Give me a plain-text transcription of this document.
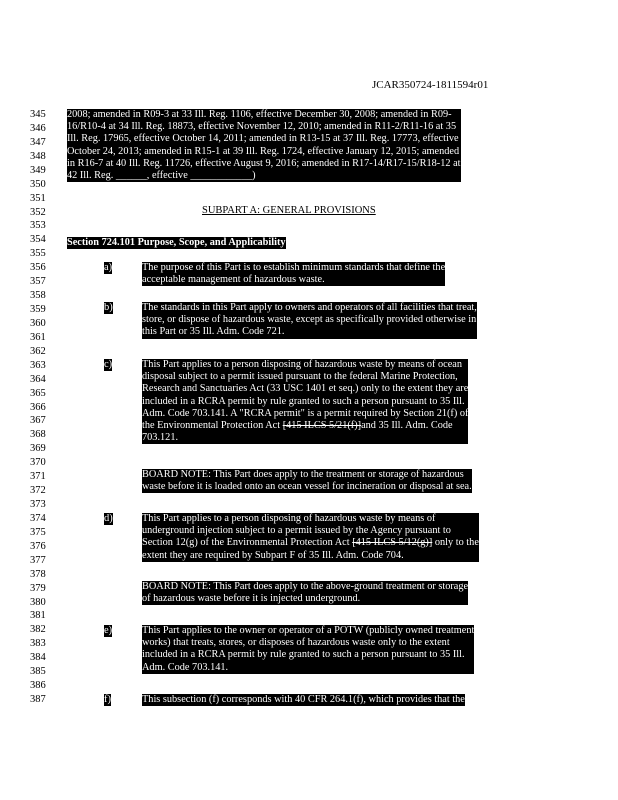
JCAR350724-1811594r01
345
346
347
348
349
350
351
352
353
354
355
356
357
358
359
360
361
362
363
364
365
366
367
368
369
370
371
372
373
374
375
376
377
378
379
380
381
382
383
384
385
386
387
2008; amended in R09-3 at 33 Ill. Reg. 1106, effective December 30, 2008; amended in R09-
16/R10-4 at 34 Ill. Reg. 18873, effective November 12, 2010; amended in R11-2/R11-16 at 35
Ill. Reg. 17965, effective October 14, 2011; amended in R13-15 at 37 Ill. Reg. 17773, effective
October 24, 2013; amended in R15-1 at 39 Ill. Reg. 1724, effective January 12, 2015; amended
in R16-7 at 40 Ill. Reg. 11726, effective August 9, 2016; amended in R17-14/R17-15/R18-12 at
42 Ill. Reg. ______, effective ____________)
SUBPART A: GENERAL PROVISIONS
Section 724.101 Purpose, Scope, and Applicability
a)	The purpose of this Part is to establish minimum standards that define the
acceptable management of hazardous waste.
b)	The standards in this Part apply to owners and operators of all facilities that treat,
store, or dispose of hazardous waste, except as specifically provided otherwise in
this Part or 35 Ill. Adm. Code 721.
c)	This Part applies to a person disposing of hazardous waste by means of ocean
disposal subject to a permit issued pursuant to the federal Marine Protection,
Research and Sanctuaries Act (33 USC 1401 et seq.) only to the extent they are
included in a RCRA permit by rule granted to such a person pursuant to 35 Ill.
Adm. Code 703.141. A "RCRA permit" is a permit required by Section 21(f) of
the Environmental Protection Act [415 ILCS 5/21(f)]and 35 Ill. Adm. Code
703.121.
BOARD NOTE: This Part does apply to the treatment or storage of hazardous
waste before it is loaded onto an ocean vessel for incineration or disposal at sea.
d)	This Part applies to a person disposing of hazardous waste by means of
underground injection subject to a permit issued by the Agency pursuant to
Section 12(g) of the Environmental Protection Act [415 ILCS 5/12(g)] only to the
extent they are required by Subpart F of 35 Ill. Adm. Code 704.
BOARD NOTE: This Part does apply to the above-ground treatment or storage
of hazardous waste before it is injected underground.
e)	This Part applies to the owner or operator of a POTW (publicly owned treatment
works) that treats, stores, or disposes of hazardous waste only to the extent
included in a RCRA permit by rule granted to such a person pursuant to 35 Ill.
Adm. Code 703.141.
f)	This subsection (f) corresponds with 40 CFR 264.1(f), which provides that the
